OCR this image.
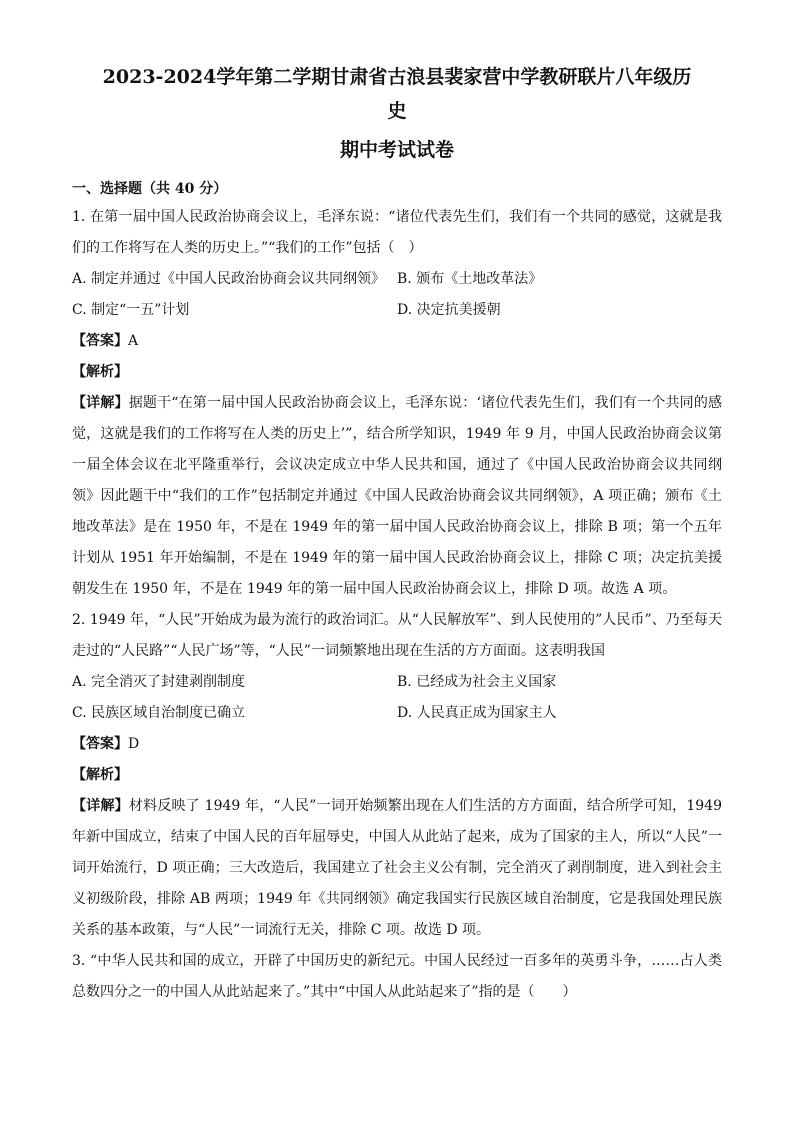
2023-2024学年第二学期甘肃省古浪县裴家营中学教研联片八年级历
史
期中考试试卷
一、选择题（共 40 分）

1. 在第一届中国人民政治协商会议上，毛泽东说：“诸位代表先生们，我们有一个共同的感觉，这就是我们的工作将写在人类的历史上。”“我们的工作”包括（　）

A. 制定并通过《中国人民政治协商会议共同纲领》 B. 颁布《土地改革法》
C. 制定“一五”计划	D. 决定抗美援朝
【答案】A
【解析】

【详解】据题干“在第一届中国人民政治协商会议上，毛泽东说：‘诸位代表先生们，我们有一个共同的感觉，这就是我们的工作将写在人类的历史上’”，结合所学知识，1949 年 9 月，中国人民政治协商会议第一届全体会议在北平隆重举行，会议决定成立中华人民共和国，通过了《中国人民政治协商会议共同纲领》因此题干中“我们的工作”包括制定并通过《中国人民政治协商会议共同纲领》，A 项正确；颁布《土地改革法》是在 1950 年，不是在 1949 年的第一届中国人民政治协商会议上，排除 B 项；第一个五年计划从 1951 年开始编制，不是在 1949 年的第一届中国人民政治协商会议上，排除 C 项；决定抗美援朝发生在 1950 年，不是在 1949 年的第一届中国人民政治协商会议上，排除 D 项。故选 A 项。

2. 1949 年，“人民”开始成为最为流行的政治词汇。从“人民解放军”、到人民使用的”人民币”、乃至每天走过的“人民路”“人民广场”等，“人民”一词频繁地出现在生活的方方面面。这表明我国

A. 完全消灭了封建剥削制度	B. 已经成为社会主义国家
C. 民族区域自治制度已确立	D. 人民真正成为国家主人
【答案】D
【解析】

【详解】材料反映了 1949 年，“人民”一词开始频繁出现在人们生活的方方面面，结合所学可知，1949 年新中国成立，结束了中国人民的百年屈辱史，中国人从此站了起来，成为了国家的主人，所以“人民”一词开始流行，D 项正确；三大改造后，我国建立了社会主义公有制，完全消灭了剥削制度，进入到社会主义初级阶段，排除 AB 两项；1949 年《共同纲领》确定我国实行民族区域自治制度，它是我国处理民族关系的基本政策，与“人民”一词流行无关，排除 C 项。故选 D 项。

3. “中华人民共和国的成立，开辟了中国历史的新纪元。中国人民经过一百多年的英勇斗争，……占人类总数四分之一的中国人从此站起来了。”其中“中国人从此站起来了”指的是（　　）
